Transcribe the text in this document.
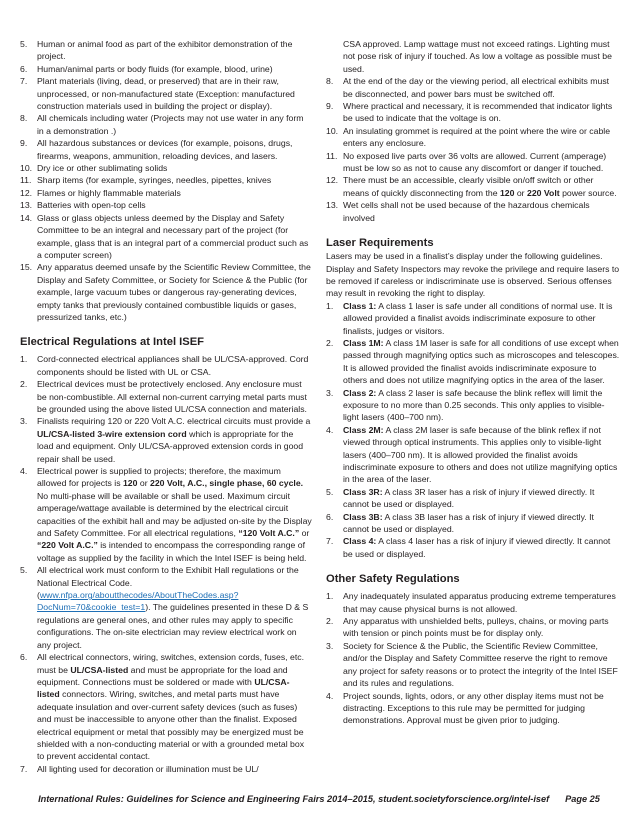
5. Human or animal food as part of the exhibitor demonstration of the project.
6. Human/animal parts or body fluids (for example, blood, urine)
7. Plant materials (living, dead, or preserved) that are in their raw, unprocessed, or non-manufactured state (Exception: manufactured construction materials used in building the project or display).
8. All chemicals including water (Projects may not use water in any form in a demonstration .)
9. All hazardous substances or devices (for example, poisons, drugs, firearms, weapons, ammunition, reloading devices, and lasers.
10. Dry ice or other sublimating solids
11. Sharp items (for example, syringes, needles, pipettes, knives
12. Flames or highly flammable materials
13. Batteries with open-top cells
14. Glass or glass objects unless deemed by the Display and Safety Committee to be an integral and necessary part of the project (for example, glass that is an integral part of a commercial product such as a computer screen)
15. Any apparatus deemed unsafe by the Scientific Review Committee, the Display and Safety Committee, or Society for Science & the Public (for example, large vacuum tubes or dangerous ray-generating devices, empty tanks that previously contained combustible liquids or gases, pressurized tanks, etc.)
Electrical Regulations at Intel ISEF
1. Cord-connected electrical appliances shall be UL/CSA-approved. Cord components should be listed with UL or CSA.
2. Electrical devices must be protectively enclosed. Any enclosure must be non-combustible. All external non-current carrying metal parts must be grounded using the above listed UL/CSA connection and materials.
3. Finalists requiring 120 or 220 Volt A.C. electrical circuits must provide a UL/CSA-listed 3-wire extension cord which is appropriate for the load and equipment. Only UL/CSA-approved extension cords in good repair shall be used.
4. Electrical power is supplied to projects; therefore, the maximum allowed for projects is 120 or 220 Volt, A.C., single phase, 60 cycle. No multi-phase will be available or shall be used. Maximum circuit amperage/wattage available is determined by the electrical circuit capacities of the exhibit hall and may be adjusted on-site by the Display and Safety Committee. For all electrical regulations, “120 Volt A.C.” or “220 Volt A.C.” is intended to encompass the corresponding range of voltage as supplied by the facility in which the Intel ISEF is being held.
5. All electrical work must conform to the Exhibit Hall regulations or the National Electrical Code. (www.nfpa.org/aboutthecodes/AboutTheCodes.asp?DocNum=70&cookie_test=1). The guidelines presented in these D & S regulations are general ones, and other rules may apply to specific configurations. The on-site electrician may review electrical work on any project.
6. All electrical connectors, wiring, switches, extension cords, fuses, etc. must be UL/CSA-listed and must be appropriate for the load and equipment. Connections must be soldered or made with UL/CSA-listed connectors. Wiring, switches, and metal parts must have adequate insulation and over-current safety devices (such as fuses) and must be inaccessible to anyone other than the finalist. Exposed electrical equipment or metal that possibly may be energized must be shielded with a non-conducting material or with a grounded metal box to prevent accidental contact.
7. All lighting used for decoration or illumination must be UL/
CSA approved. Lamp wattage must not exceed ratings. Lighting must not pose risk of injury if touched. As low a voltage as possible must be used.
8. At the end of the day or the viewing period, all electrical exhibits must be disconnected, and power bars must be switched off.
9. Where practical and necessary, it is recommended that indicator lights be used to indicate that the voltage is on.
10. An insulating grommet is required at the point where the wire or cable enters any enclosure.
11. No exposed live parts over 36 volts are allowed. Current (amperage) must be low so as not to cause any discomfort or danger if touched.
12. There must be an accessible, clearly visible on/off switch or other means of quickly disconnecting from the 120 or 220 Volt power source.
13. Wet cells shall not be used because of the hazardous chemicals involved
Laser Requirements

Lasers may be used in a finalist’s display under the following guidelines. Display and Safety Inspectors may revoke the privilege and require lasers to be removed if careless or indiscriminate use is observed. Serious offenses may result in revoking the right to display.

1. Class 1: A class 1 laser is safe under all conditions of normal use. It is allowed provided a finalist avoids indiscriminate exposure to other finalists, judges or visitors.
2. Class 1M: A class 1M laser is safe for all conditions of use except when passed through magnifying optics such as microscopes and telescopes. It is allowed provided the finalist avoids indiscriminate exposure to others and does not utilize magnifying optics in the area of the laser.
3. Class 2: A class 2 laser is safe because the blink reflex will limit the exposure to no more than 0.25 seconds. This only applies to visible-light lasers (400–700 nm).
4. Class 2M: A class 2M laser is safe because of the blink reflex if not viewed through optical instruments. This applies only to visible-light lasers (400–700 nm). It is allowed provided the finalist avoids indiscriminate exposure to others and does not utilize magnifying optics in the area of the laser.
5. Class 3R: A class 3R laser has a risk of injury if viewed directly. It cannot be used or displayed.
6. Class 3B: A class 3B laser has a risk of injury if viewed directly. It cannot be used or displayed.
7. Class 4: A class 4 laser has a risk of injury if viewed directly. It cannot be used or displayed.
Other Safety Regulations
1. Any inadequately insulated apparatus producing extreme temperatures that may cause physical burns is not allowed.
2. Any apparatus with unshielded belts, pulleys, chains, or moving parts with tension or pinch points must be for display only.
3. Society for Science & the Public, the Scientific Review Committee, and/or the Display and Safety Committee reserve the right to remove any project for safety reasons or to protect the integrity of the Intel ISEF and its rules and regulations.
4. Project sounds, lights, odors, or any other display items must not be distracting. Exceptions to this rule may be permitted for judging demonstrations. Approval must be given prior to judging.
International Rules: Guidelines for Science and Engineering Fairs 2014–2015, student.societyforscience.org/intel-isef Page 25
